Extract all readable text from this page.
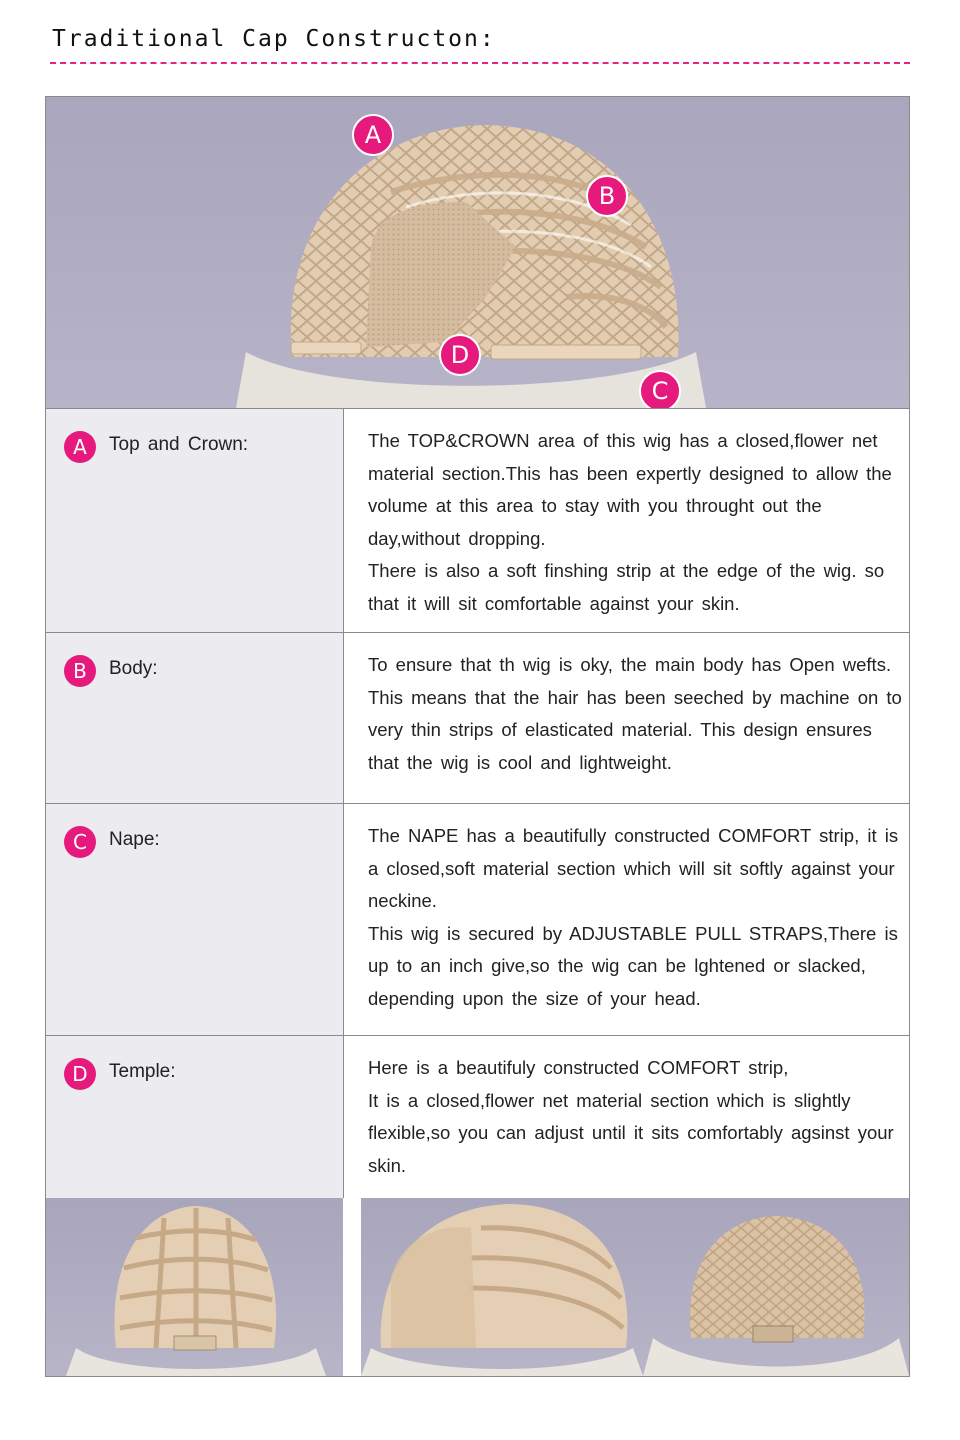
Traditional Cap Constructon:
A
B
D
C
A	Top and Crown:	The TOP&CROWN area of this wig has a closed,flower net material section.This has been expertly designed to allow the volume at this area to stay with you throught out the day,without dropping.

There is also a soft finshing strip at the edge of the wig. so that it will sit comfortable against your skin.

B	Body:	To ensure that th wig is oky, the main body has Open wefts. This means that the hair has been seeched by machine on to very thin strips of elasticated material. This design ensures that the wig is cool and lightweight.

C	Nape:	The NAPE has a beautifully constructed COMFORT strip, it is a closed,soft material section which will sit softly against your neckine.

This wig is secured by ADJUSTABLE PULL STRAPS,There is up to an inch give,so the wig can be lghtened or slacked, depending upon the size of your head.

D	Temple:	Here is a beautifuly constructed COMFORT strip,

It is a closed,flower net material section which is slightly flexible,so you can adjust until it sits comfortably agsinst your skin.
